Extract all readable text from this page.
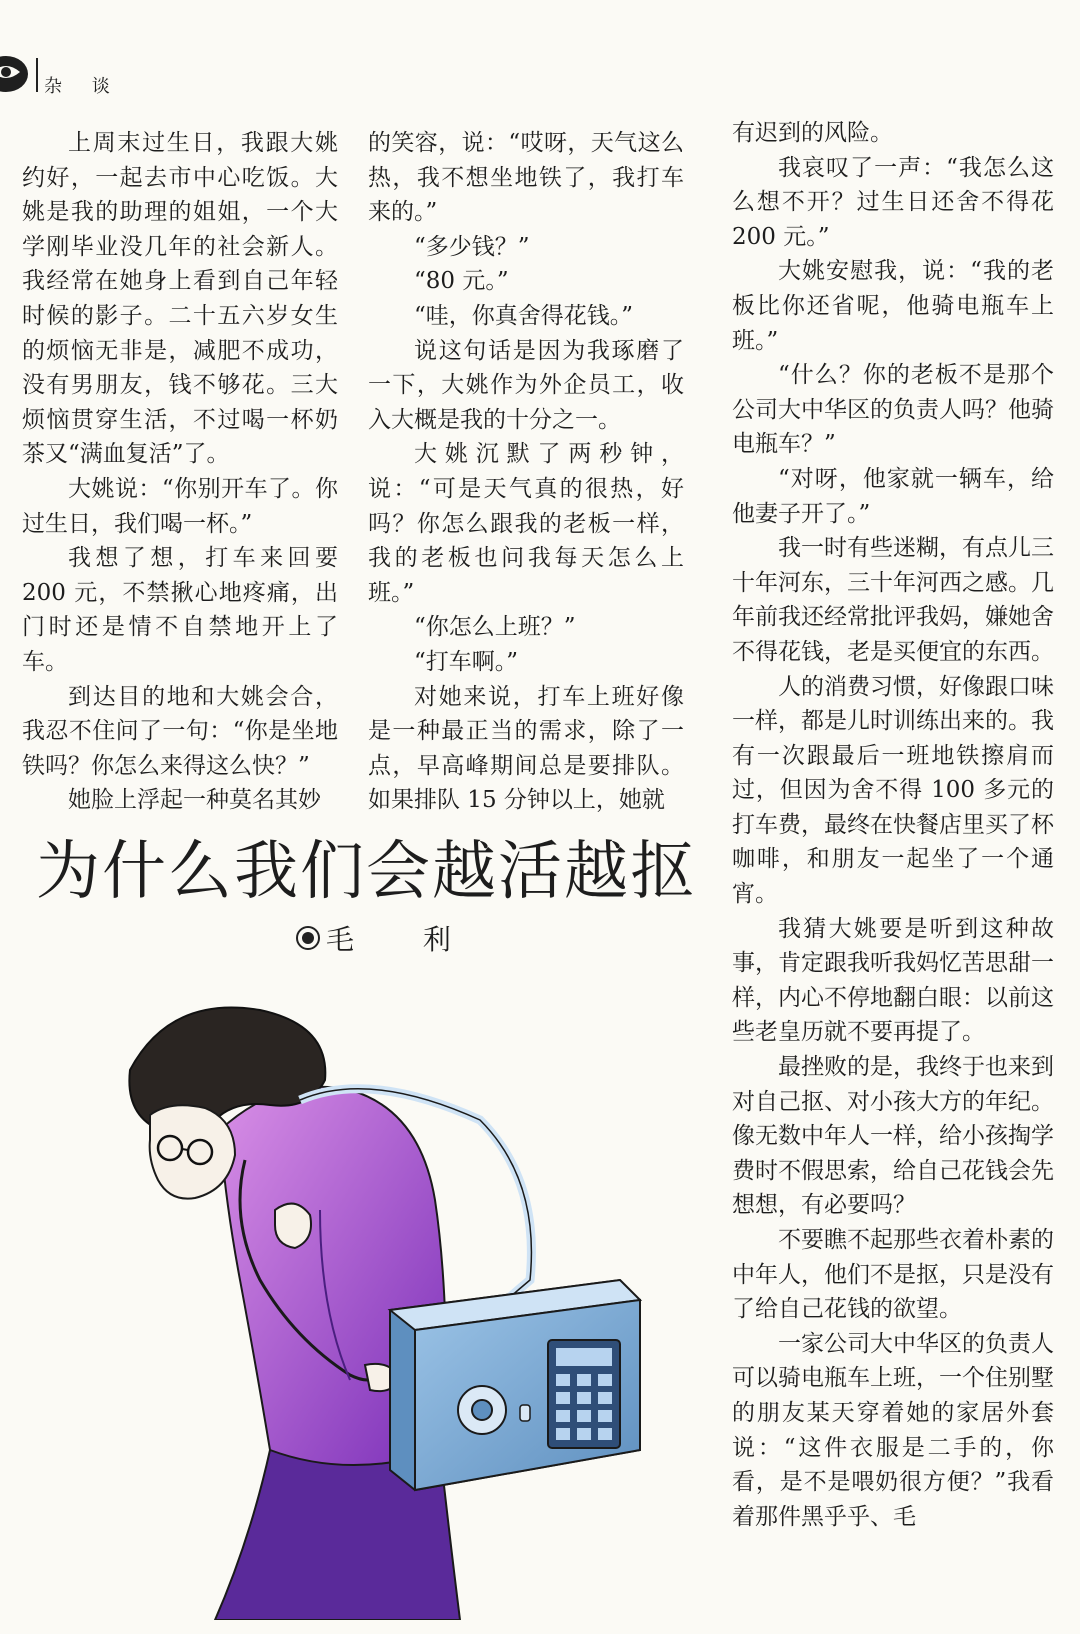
杂 谈

上周末过生日，我跟大姚约好，一起去市中心吃饭。大姚是我的助理的姐姐，一个大学刚毕业没几年的社会新人。我经常在她身上看到自己年轻时候的影子。二十五六岁女生的烦恼无非是，减肥不成功，没有男朋友，钱不够花。三大烦恼贯穿生活，不过喝一杯奶茶又“满血复活”了。

大姚说：“你别开车了。你过生日，我们喝一杯。”

我想了想，打车来回要 200 元，不禁揪心地疼痛，出门时还是情不自禁地开上了车。

到达目的地和大姚会合，我忍不住问了一句：“你是坐地铁吗？你怎么来得这么快？”

她脸上浮起一种莫名其妙

的笑容，说：“哎呀，天气这么热，我不想坐地铁了，我打车来的。”

“多少钱？”

“80 元。”

“哇，你真舍得花钱。”

说这句话是因为我琢磨了一下，大姚作为外企员工，收入大概是我的十分之一。

大姚沉默了两秒钟，说：“可是天气真的很热，好吗？你怎么跟我的老板一样，我的老板也问我每天怎么上班。”

“你怎么上班？”

“打车啊。”

对她来说，打车上班好像是一种最正当的需求，除了一点，早高峰期间总是要排队。如果排队 15 分钟以上，她就

有迟到的风险。

我哀叹了一声：“我怎么这么想不开？过生日还舍不得花 200 元。”

大姚安慰我，说：“我的老板比你还省呢，他骑电瓶车上班。”

“什么？你的老板不是那个公司大中华区的负责人吗？他骑电瓶车？”

“对呀，他家就一辆车，给他妻子开了。”

我一时有些迷糊，有点儿三十年河东，三十年河西之感。几年前我还经常批评我妈，嫌她舍不得花钱，老是买便宜的东西。

人的消费习惯，好像跟口味一样，都是儿时训练出来的。我有一次跟最后一班地铁擦肩而过，但因为舍不得 100 多元的打车费，最终在快餐店里买了杯咖啡，和朋友一起坐了一个通宵。

我猜大姚要是听到这种故事，肯定跟我听我妈忆苦思甜一样，内心不停地翻白眼：以前这些老皇历就不要再提了。

最挫败的是，我终于也来到对自己抠、对小孩大方的年纪。像无数中年人一样，给小孩掏学费时不假思索，给自己花钱会先想想，有必要吗？

不要瞧不起那些衣着朴素的中年人，他们不是抠，只是没有了给自己花钱的欲望。

一家公司大中华区的负责人可以骑电瓶车上班，一个住别墅的朋友某天穿着她的家居外套说：“这件衣服是二手的，你看，是不是喂奶很方便？”我看着那件黑乎乎、毛

为什么我们会越活越抠
毛 利
